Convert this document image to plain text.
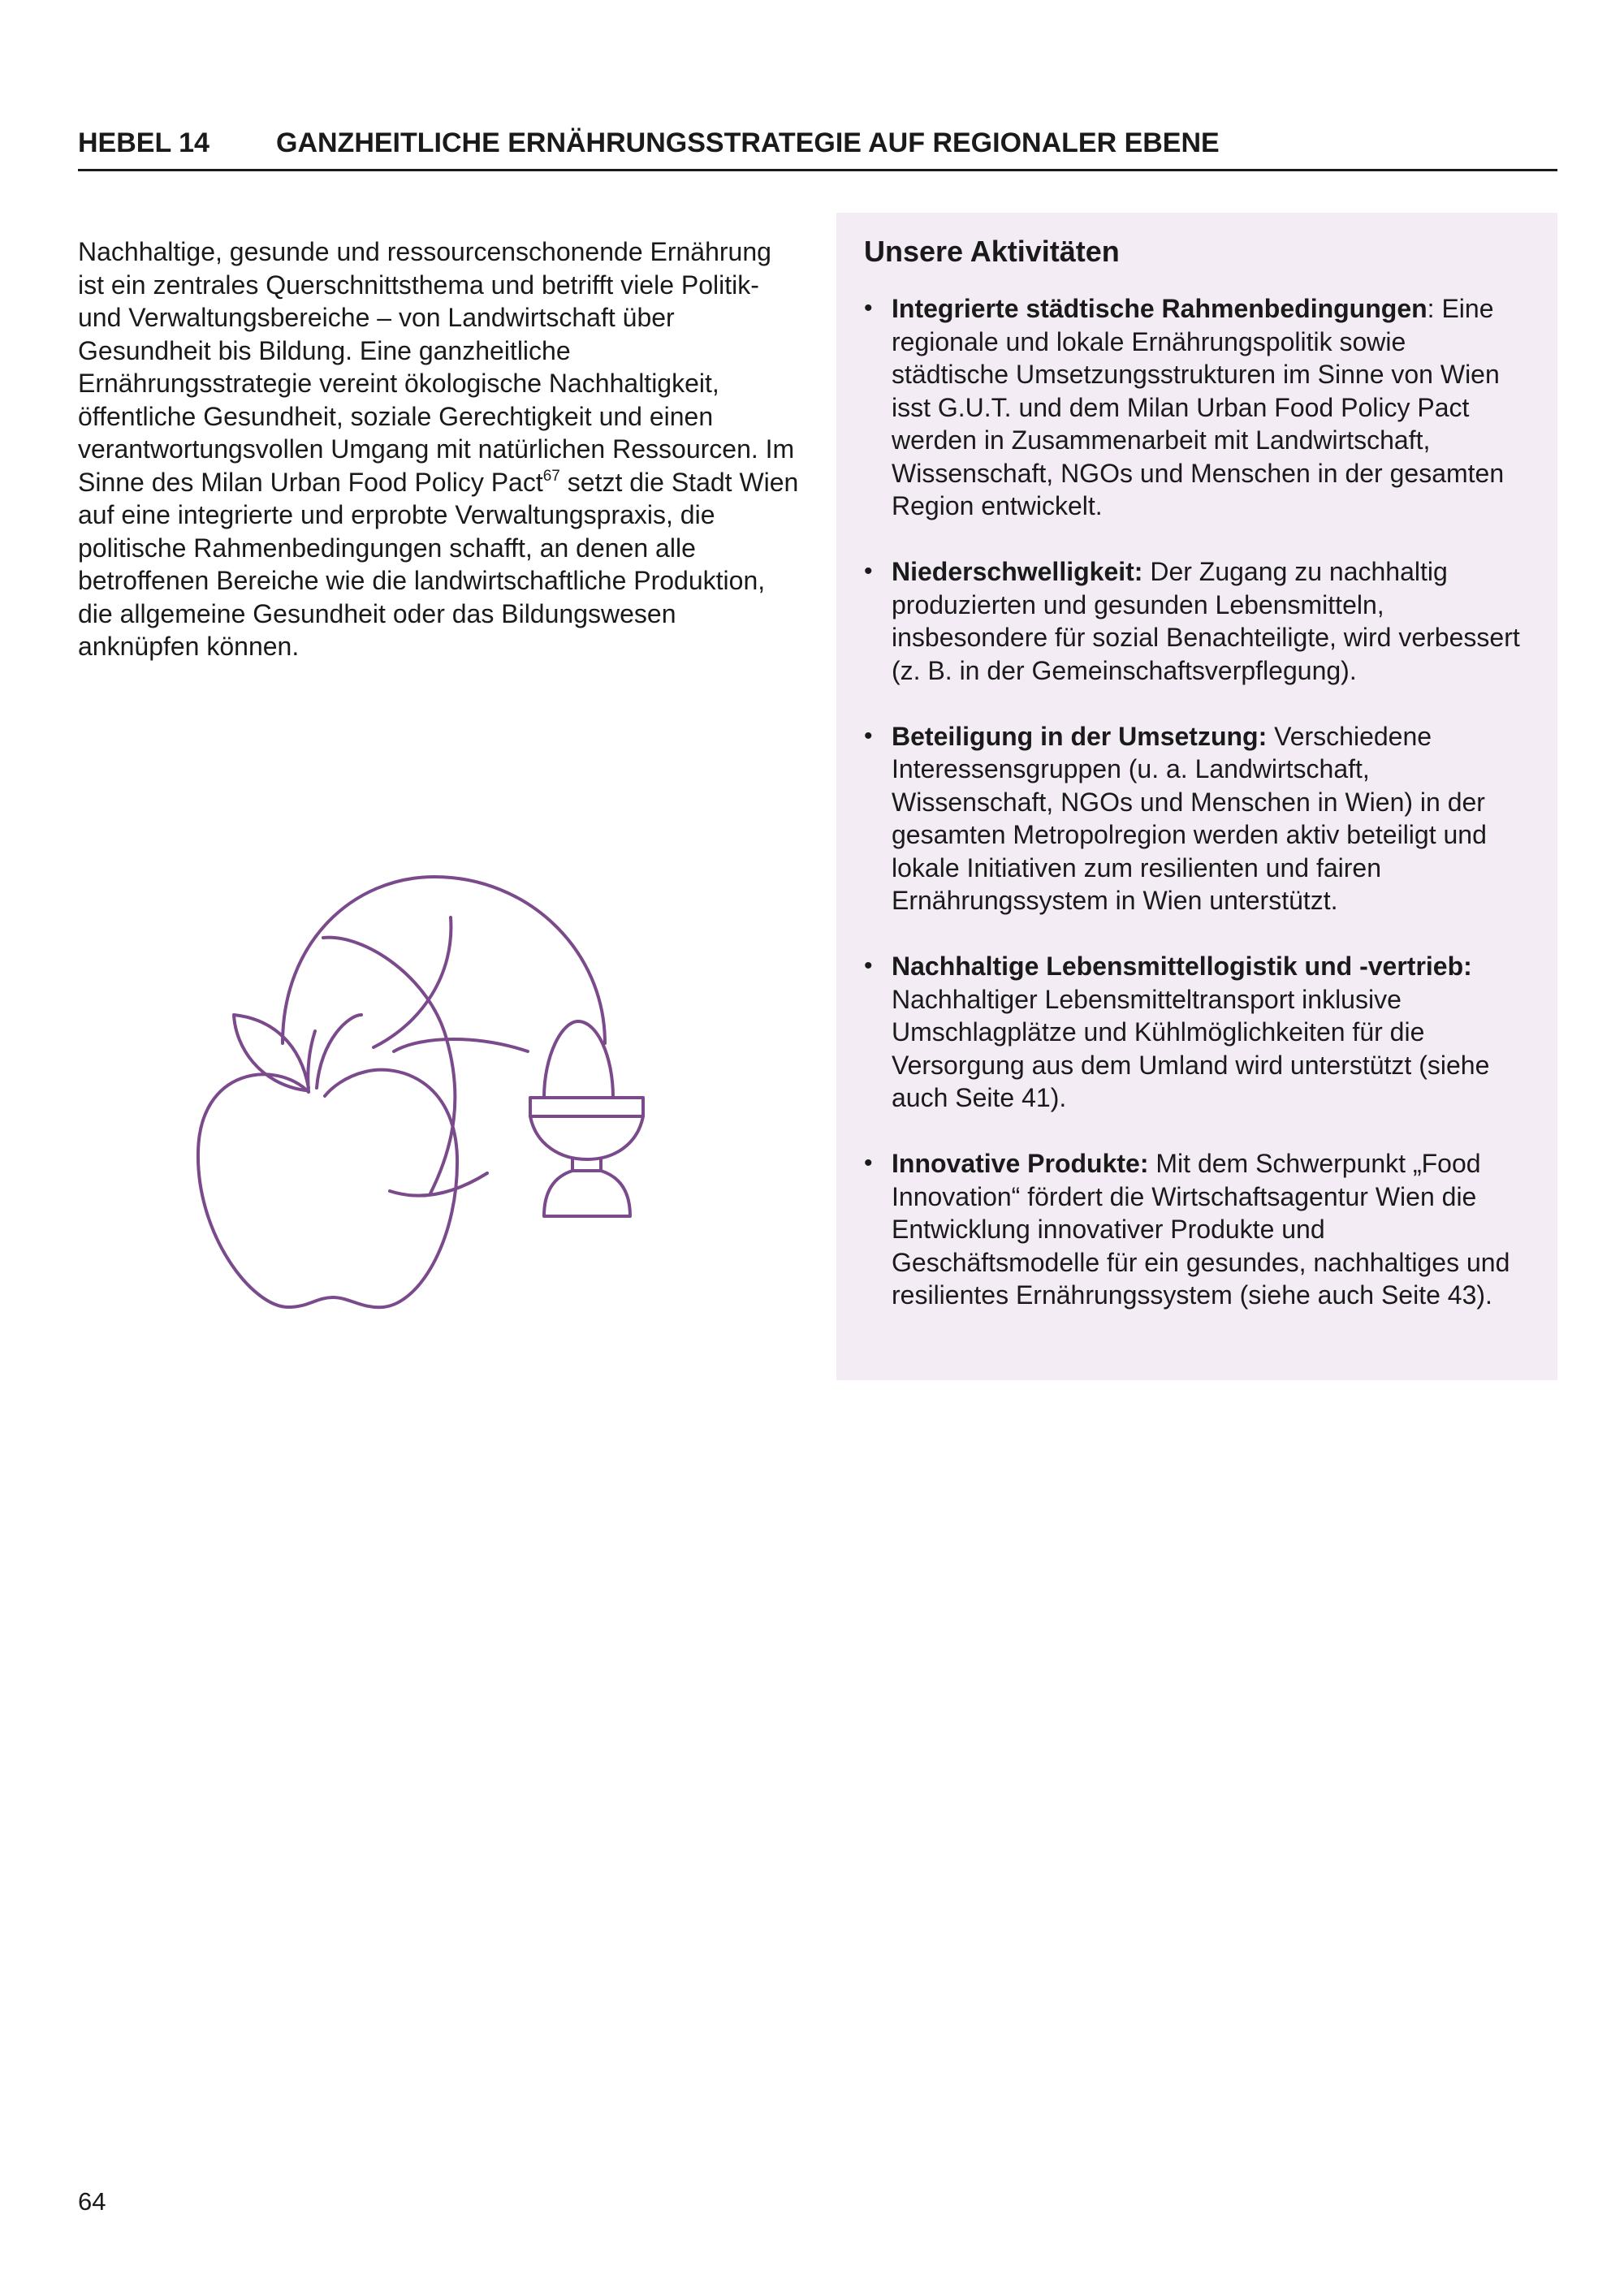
HEBEL 14 GANZHEITLICHE ERNÄHRUNGSSTRATEGIE AUF REGIONALER EBENE

Nachhaltige, gesunde und ressourcenschonende Ernährung ist ein zentrales Querschnittsthema und betrifft viele Politik- und Verwaltungsbereiche – von Landwirtschaft über Gesundheit bis Bildung. Eine ganzheitliche Ernährungsstrategie vereint ökologische Nachhaltigkeit, öffentliche Gesundheit, soziale Gerechtigkeit und einen verantwortungsvollen Umgang mit natürlichen Ressourcen. Im Sinne des Milan Urban Food Policy Pact$^{67}$ setzt die Stadt Wien auf eine integrierte und erprobte Verwaltungspraxis, die politische Rahmenbedingungen schafft, an denen alle betroffenen Bereiche wie die landwirtschaftliche Produktion, die allgemeine Gesundheit oder das Bildungswesen anknüpfen können.

Unsere Aktivitäten
• Integrierte städtische Rahmenbedingungen: Eine regionale und lokale Ernährungspolitik sowie städtische Umsetzungsstrukturen im Sinne von Wien isst G.U.T. und dem Milan Urban Food Policy Pact werden in Zusammenarbeit mit Landwirtschaft, Wissenschaft, NGOs und Menschen in der gesamten Region entwickelt.
• Niederschwelligkeit: Der Zugang zu nachhaltig produzierten und gesunden Lebensmitteln, insbesondere für sozial Benachteiligte, wird verbessert (z. B. in der Gemeinschaftsverpflegung).
• Beteiligung in der Umsetzung: Verschiedene Interessensgruppen (u. a. Landwirtschaft, Wissenschaft, NGOs und Menschen in Wien) in der gesamten Metropolregion werden aktiv beteiligt und lokale Initiativen zum resilienten und fairen Ernährungssystem in Wien unterstützt.
• Nachhaltige Lebensmittellogistik und -vertrieb: Nachhaltiger Lebensmitteltransport inklusive Umschlagplätze und Kühlmöglichkeiten für die Versorgung aus dem Umland wird unterstützt (siehe auch Seite 41).
• Innovative Produkte: Mit dem Schwerpunkt „Food Innovation“ fördert die Wirtschaftsagentur Wien die Entwicklung innovativer Produkte und Geschäftsmodelle für ein gesundes, nachhaltiges und resilientes Ernährungssystem (siehe auch Seite 43).
64
